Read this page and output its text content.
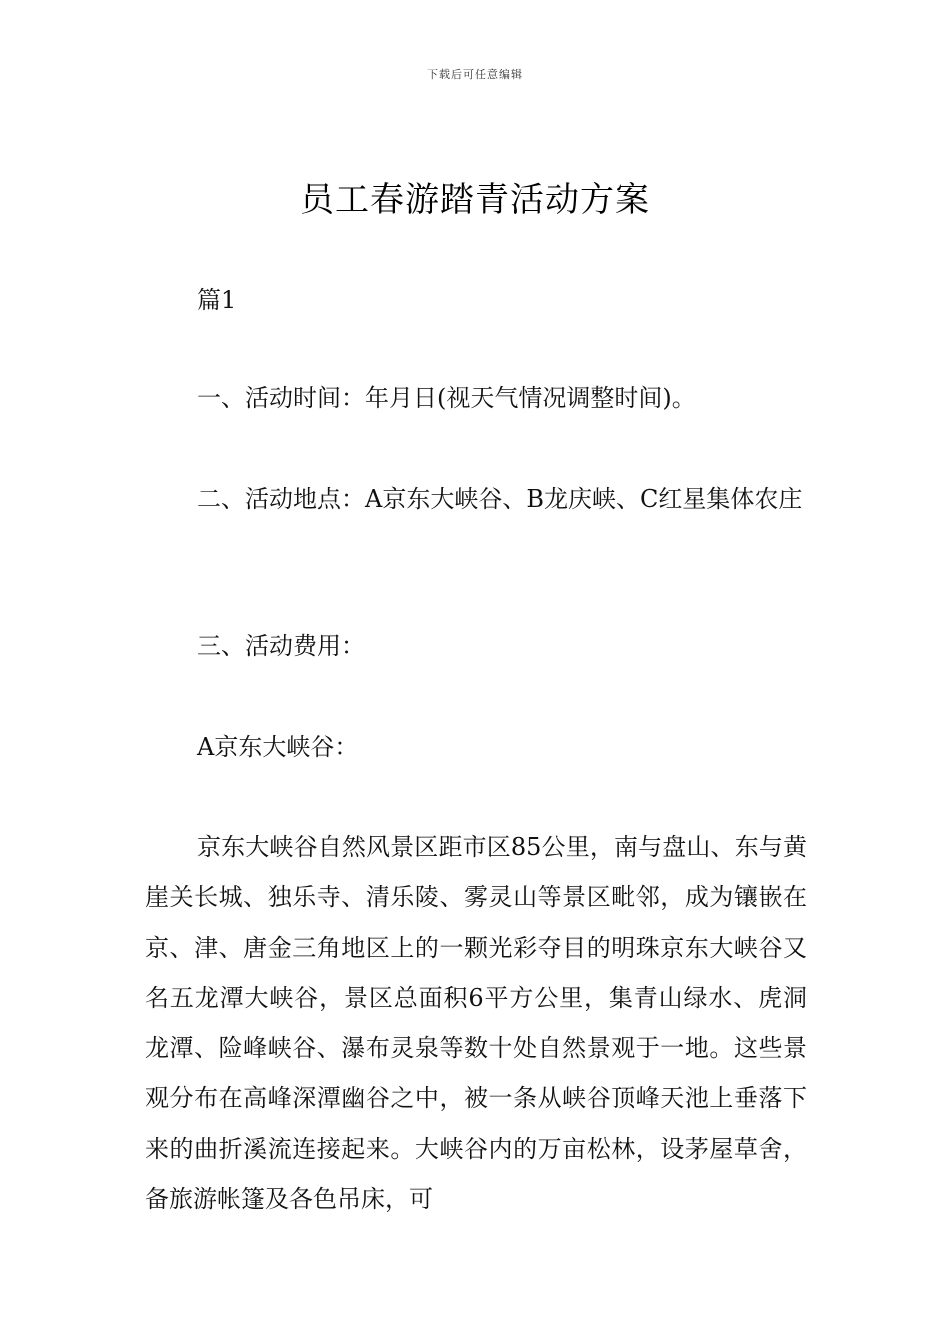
下载后可任意编辑
员工春游踏青活动方案

篇1

一、活动时间：年月日(视天气情况调整时间)。

二、活动地点：A京东大峡谷、B龙庆峡、C红星集体农庄

三、活动费用：

A京东大峡谷：

京东大峡谷自然风景区距市区85公里，南与盘山、东与黄崖关长城、独乐寺、清乐陵、雾灵山等景区毗邻，成为镶嵌在京、津、唐金三角地区上的一颗光彩夺目的明珠京东大峡谷又名五龙潭大峡谷，景区总面积6平方公里，集青山绿水、虎洞龙潭、险峰峡谷、瀑布灵泉等数十处自然景观于一地。这些景观分布在高峰深潭幽谷之中，被一条从峡谷顶峰天池上垂落下来的曲折溪流连接起来。大峡谷内的万亩松林，设茅屋草舍，备旅游帐篷及各色吊床，可
